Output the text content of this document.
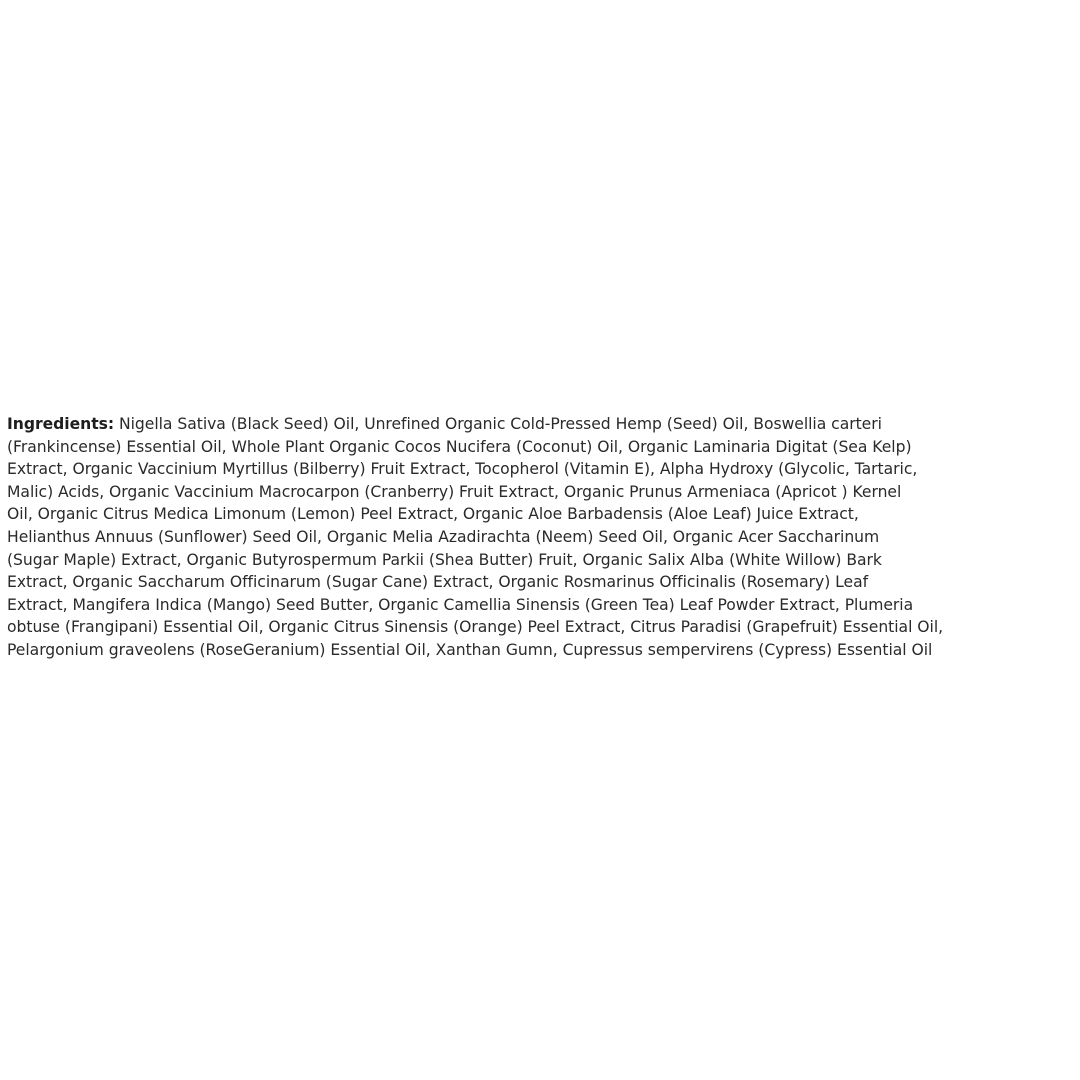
Ingredients: Nigella Sativa (Black Seed) Oil, Unrefined Organic Cold-Pressed Hemp (Seed) Oil, Boswellia carteri
(Frankincense) Essential Oil, Whole Plant Organic Cocos Nucifera (Coconut) Oil, Organic Laminaria Digitat (Sea Kelp)
Extract, Organic Vaccinium Myrtillus (Bilberry) Fruit Extract, Tocopherol (Vitamin E), Alpha Hydroxy (Glycolic, Tartaric,
Malic) Acids, Organic Vaccinium Macrocarpon (Cranberry) Fruit Extract, Organic Prunus Armeniaca (Apricot ) Kernel
Oil, Organic Citrus Medica Limonum (Lemon) Peel Extract, Organic Aloe Barbadensis (Aloe Leaf) Juice Extract,
Helianthus Annuus (Sunflower) Seed Oil, Organic Melia Azadirachta (Neem) Seed Oil, Organic Acer Saccharinum
(Sugar Maple) Extract, Organic Butyrospermum Parkii (Shea Butter) Fruit, Organic Salix Alba (White Willow) Bark
Extract, Organic Saccharum Officinarum (Sugar Cane) Extract, Organic Rosmarinus Officinalis (Rosemary) Leaf
Extract, Mangifera Indica (Mango) Seed Butter, Organic Camellia Sinensis (Green Tea) Leaf Powder Extract, Plumeria
obtuse (Frangipani) Essential Oil, Organic Citrus Sinensis (Orange) Peel Extract, Citrus Paradisi (Grapefruit) Essential Oil,
Pelargonium graveolens (RoseGeranium) Essential Oil, Xanthan Gumn, Cupressus sempervirens (Cypress) Essential Oil
